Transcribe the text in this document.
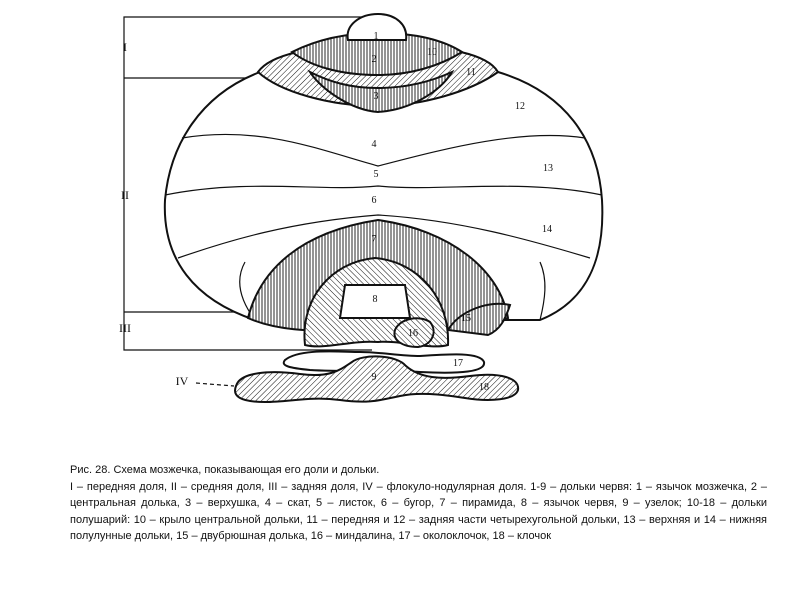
1
2
3
4
5
6
7
8
9
10
11
12
13
14
15
16
17
18
I
II
III
IV
Рис. 28. Схема мозжечка, показывающая его доли и дольки.
I – передняя доля, II – средняя доля, III – задняя доля, IV – флокуло-нодулярная доля. 1-9 – дольки червя: 1 – язычок мозжечка, 2 – центральная долька, 3 – верхушка, 4 – скат, 5 – листок, 6 – бугор, 7 – пирамида, 8 – язычок червя, 9 – узелок; 10-18 – дольки полушарий: 10 – крыло центральной дольки, 11 – передняя и 12 – задняя части четырехугольной дольки, 13 – верхняя и 14 – нижняя полулунные дольки, 15 – двубрюшная долька, 16 – миндалина, 17 – околоклочок, 18 – клочок
